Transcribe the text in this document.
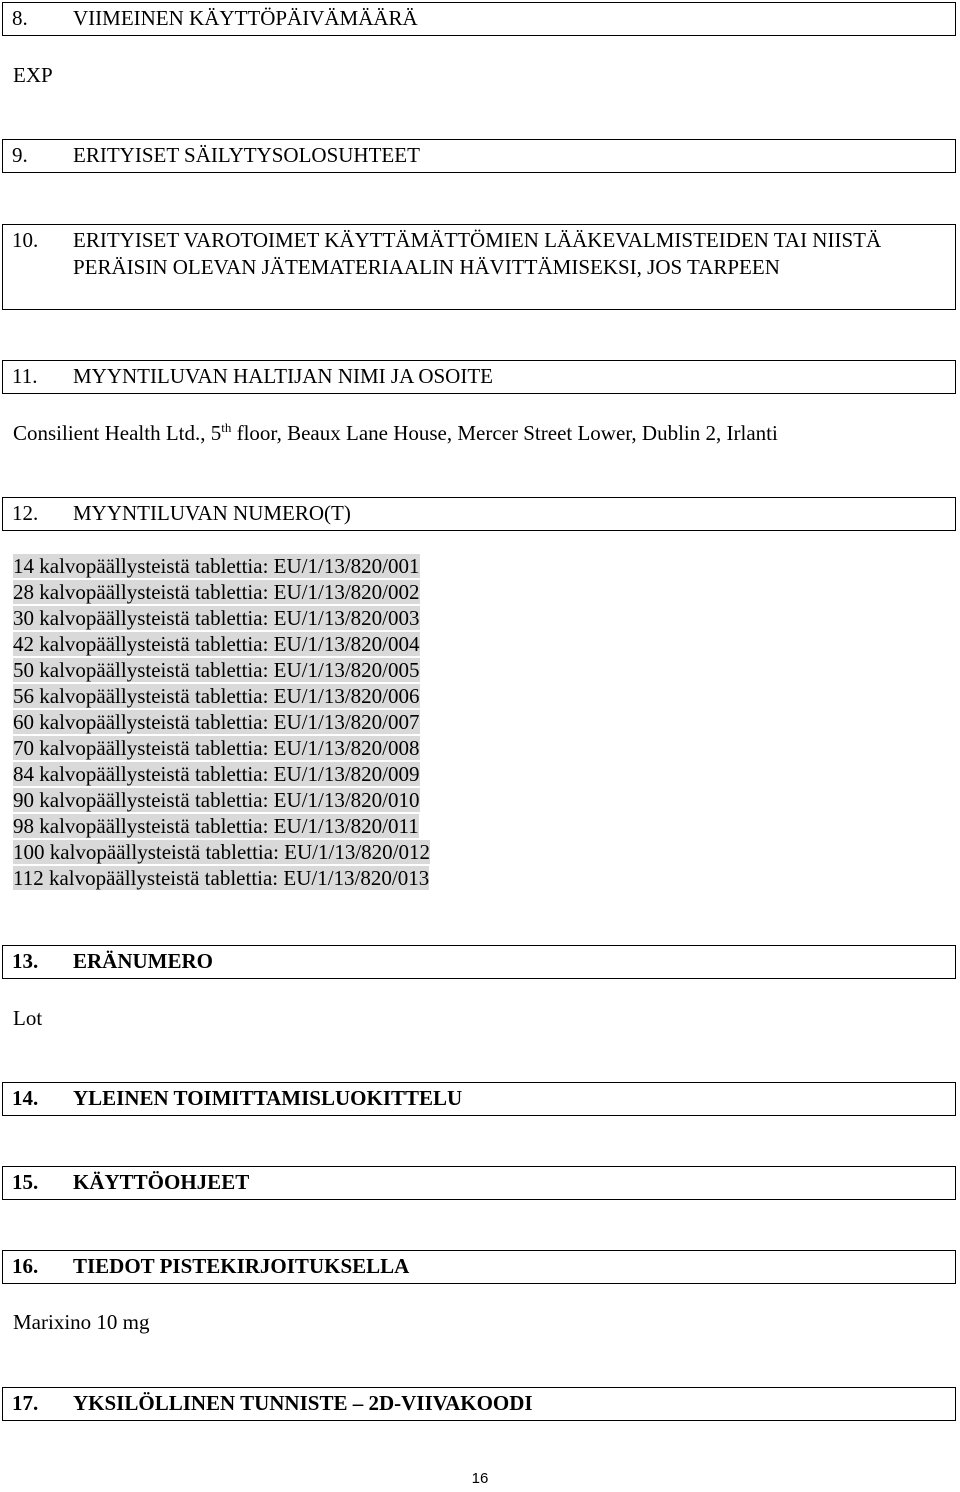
8. VIIMEINEN KÄYTTÖPÄIVÄMÄÄRÄ
EXP
9. ERITYISET SÄILYTYSOLOSUHTEET
10. ERITYISET VAROTOIMET KÄYTTÄMÄTTÖMIEN LÄÄKEVALMISTEIDEN TAI NIISTÄ PERÄISIN OLEVAN JÄTEMATERIAALIN HÄVITTÄMISEKSI, JOS TARPEEN
11. MYYNTILUVAN HALTIJAN NIMI JA OSOITE
Consilient Health Ltd., 5th floor, Beaux Lane House, Mercer Street Lower, Dublin 2, Irlanti
12. MYYNTILUVAN NUMERO(T)
14 kalvopäällysteistä tablettia: EU/1/13/820/001
28 kalvopäällysteistä tablettia: EU/1/13/820/002
30 kalvopäällysteistä tablettia: EU/1/13/820/003
42 kalvopäällysteistä tablettia: EU/1/13/820/004
50 kalvopäällysteistä tablettia: EU/1/13/820/005
56 kalvopäällysteistä tablettia: EU/1/13/820/006
60 kalvopäällysteistä tablettia: EU/1/13/820/007
70 kalvopäällysteistä tablettia: EU/1/13/820/008
84 kalvopäällysteistä tablettia: EU/1/13/820/009
90 kalvopäällysteistä tablettia: EU/1/13/820/010
98 kalvopäällysteistä tablettia: EU/1/13/820/011
100 kalvopäällysteistä tablettia: EU/1/13/820/012
112 kalvopäällysteistä tablettia: EU/1/13/820/013
13. ERÄNUMERO
Lot
14. YLEINEN TOIMITTAMISLUOKITTELU
15. KÄYTTÖOHJEET
16. TIEDOT PISTEKIRJOITUKSELLA
Marixino 10 mg
17. YKSILÖLLINEN TUNNISTE – 2D-VIIVAKOODI
16
